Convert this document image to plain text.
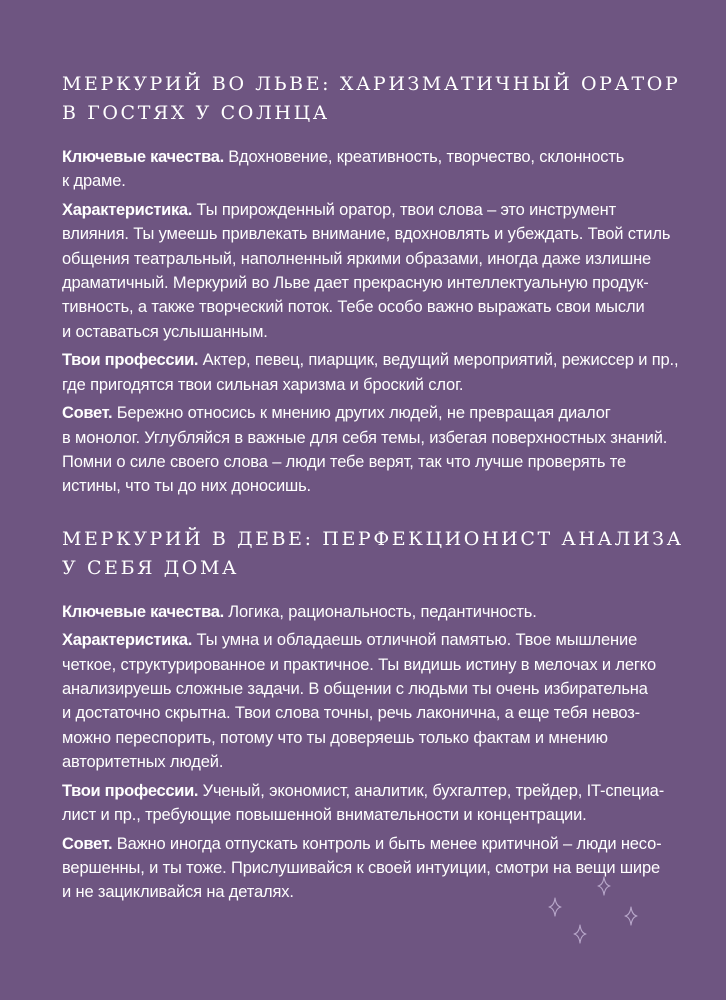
МЕРКУРИЙ ВО ЛЬВЕ: ХАРИЗМАТИЧНЫЙ ОРАТОР
В ГОСТЯХ У СОЛНЦА

Ключевые качества. Вдохновение, креативность, творчество, склонность
к драме.

Характеристика. Ты прирожденный оратор, твои слова – это инструмент
влияния. Ты умеешь привлекать внимание, вдохновлять и убеждать. Твой стиль
общения театральный, наполненный яркими образами, иногда даже излишне
драматичный. Меркурий во Льве дает прекрасную интеллектуальную продук-
тивность, а также творческий поток. Тебе особо важно выражать свои мысли
и оставаться услышанным.

Твои профессии. Актер, певец, пиарщик, ведущий мероприятий, режиссер и пр.,
где пригодятся твои сильная харизма и броский слог.

Совет. Бережно относись к мнению других людей, не превращая диалог
в монолог. Углубляйся в важные для себя темы, избегая поверхностных знаний.
Помни о силе своего слова – люди тебе верят, так что лучше проверять те
истины, что ты до них доносишь.

МЕРКУРИЙ В ДЕВЕ: ПЕРФЕКЦИОНИСТ АНАЛИЗА
У СЕБЯ ДОМА

Ключевые качества. Логика, рациональность, педантичность.

Характеристика. Ты умна и обладаешь отличной памятью. Твое мышление
четкое, структурированное и практичное. Ты видишь истину в мелочах и легко
анализируешь сложные задачи. В общении с людьми ты очень избирательна
и достаточно скрытна. Твои слова точны, речь лаконична, а еще тебя невоз-
можно переспорить, потому что ты доверяешь только фактам и мнению
авторитетных людей.

Твои профессии. Ученый, экономист, аналитик, бухгалтер, трейдер, IT-специа-
лист и пр., требующие повышенной внимательности и концентрации.

Совет. Важно иногда отпускать контроль и быть менее критичной – люди несо-
вершенны, и ты тоже. Прислушивайся к своей интуиции, смотри на вещи шире
и не зацикливайся на деталях.
